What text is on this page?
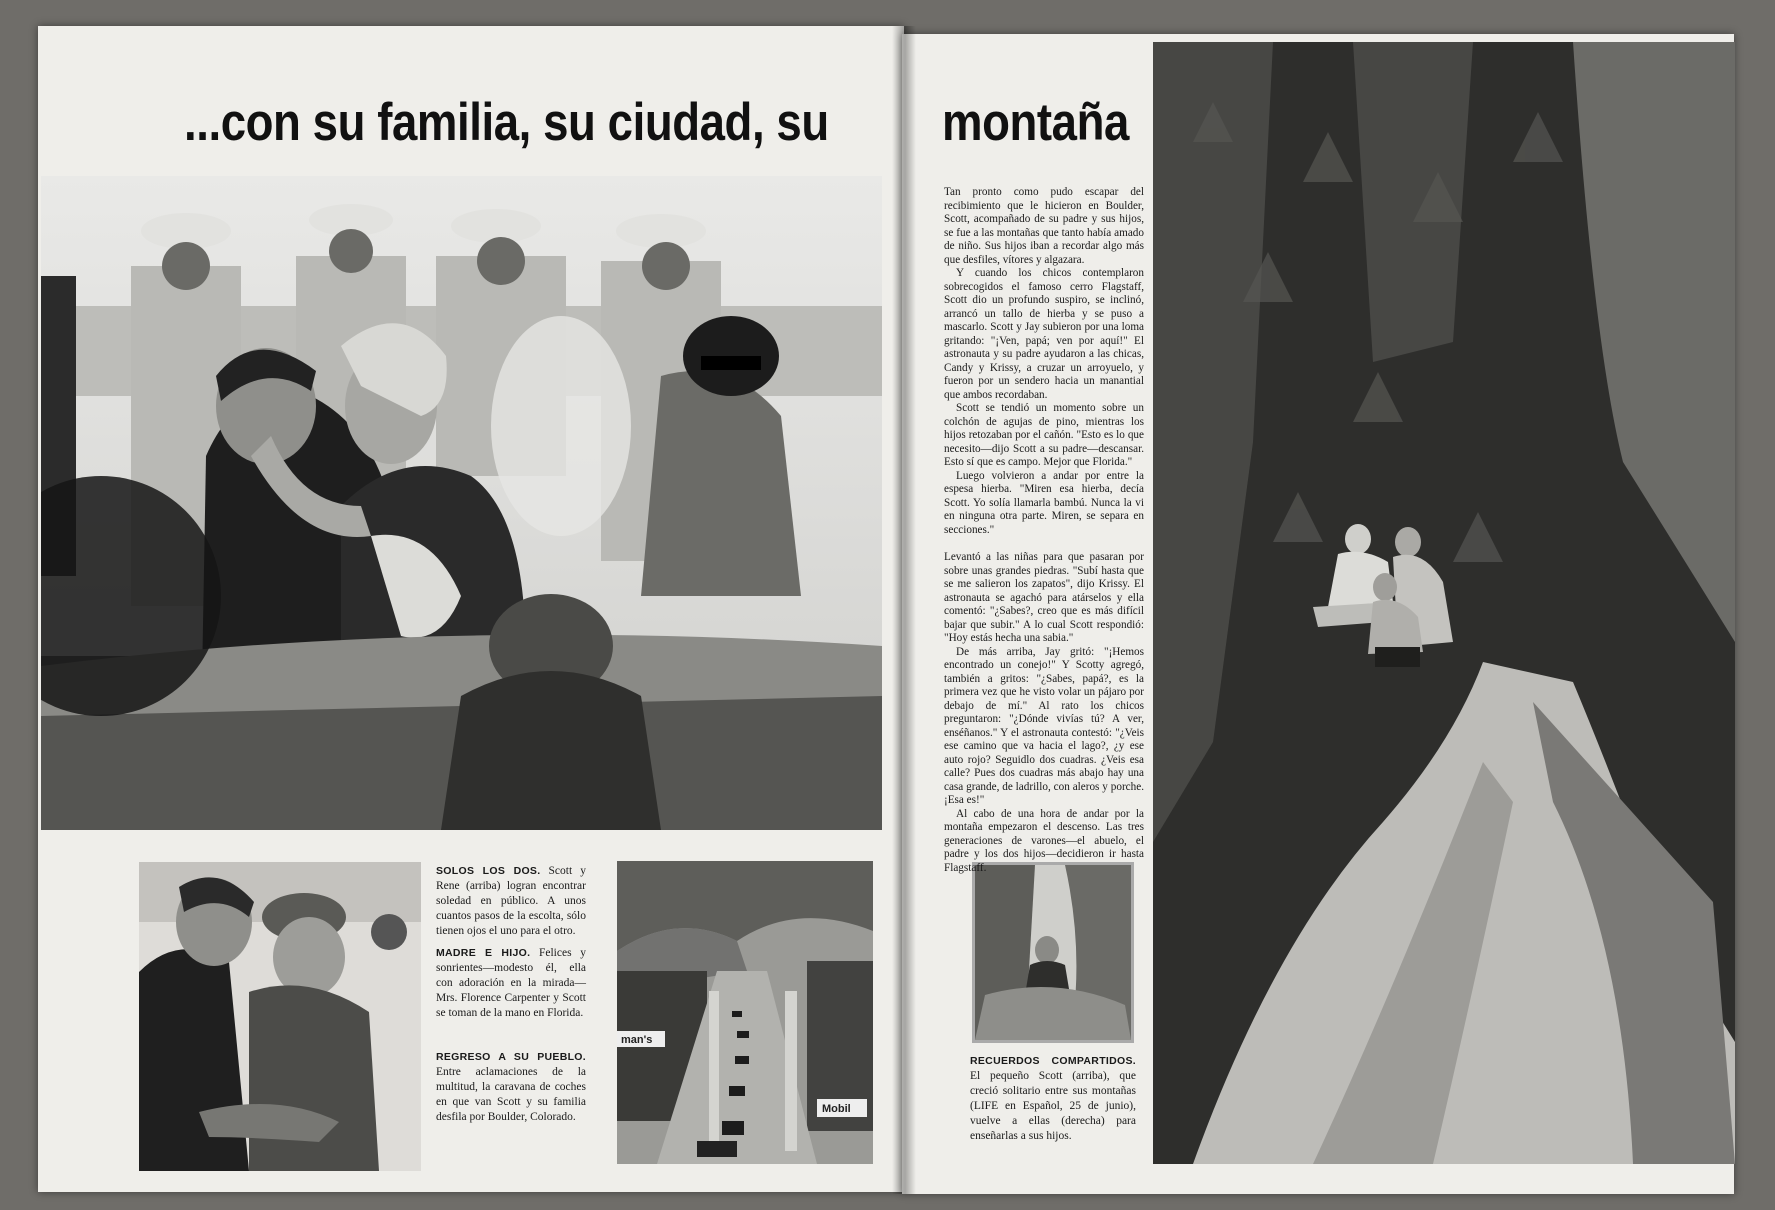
...con su familia, su ciudad, su montaña
man's
Mobil

Tan pronto como pudo escapar del recibimiento que le hicieron en Boulder, Scott, acompañado de su padre y sus hijos, se fue a las montañas que tanto había amado de niño. Sus hijos iban a recordar algo más que desfiles, vítores y algazara.

Y cuando los chicos contemplaron sobrecogidos el famoso cerro Flagstaff, Scott dio un profundo suspiro, se inclinó, arrancó un tallo de hierba y se puso a mascarlo. Scott y Jay subieron por una loma gritando: "¡Ven, papá; ven por aquí!" El astronauta y su padre ayudaron a las chicas, Candy y Krissy, a cruzar un arroyuelo, y fueron por un sendero hacia un manantial que ambos recordaban.

Scott se tendió un momento sobre un colchón de agujas de pino, mientras los hijos retozaban por el cañón. "Esto es lo que necesito—dijo Scott a su padre—descansar. Esto sí que es campo. Mejor que Florida."

Luego volvieron a andar por entre la espesa hierba. "Miren esa hierba, decía Scott. Yo solía llamarla bambú. Nunca la vi en ninguna otra parte. Miren, se separa en secciones."

Levantó a las niñas para que pasaran por sobre unas grandes piedras. "Subí hasta que se me salieron los zapatos", dijo Krissy. El astronauta se agachó para atárselos y ella comentó: "¿Sabes?, creo que es más difícil bajar que subir." A lo cual Scott respondió: "Hoy estás hecha una sabia."

De más arriba, Jay gritó: "¡Hemos encontrado un conejo!" Y Scotty agregó, también a gritos: "¿Sabes, papá?, es la primera vez que he visto volar un pájaro por debajo de mí." Al rato los chicos preguntaron: "¿Dónde vivías tú? A ver, enséñanos." Y el astronauta contestó: "¿Veis ese camino que va hacia el lago?, ¿y ese auto rojo? Seguidlo dos cuadras. ¿Veis esa calle? Pues dos cuadras más abajo hay una casa grande, de ladrillo, con aleros y porche. ¡Esa es!"

Al cabo de una hora de andar por la montaña empezaron el descenso. Las tres generaciones de varones—el abuelo, el padre y los dos hijos—decidieron ir hasta Flagstaff.

SOLOS LOS DOS. Scott y Rene (arriba) logran encontrar soledad en público. A unos cuantos pasos de la escolta, sólo tienen ojos el uno para el otro.
MADRE E HIJO. Felices y sonrientes—modesto él, ella con adoración en la mirada—Mrs. Florence Carpenter y Scott se toman de la mano en Florida.
REGRESO A SU PUEBLO. Entre aclamaciones de la multitud, la caravana de coches en que van Scott y su familia desfila por Boulder, Colorado.
RECUERDOS COMPARTIDOS. El pequeño Scott (arriba), que creció solitario entre sus montañas (LIFE en Español, 25 de junio), vuelve a ellas (derecha) para enseñarlas a sus hijos.
